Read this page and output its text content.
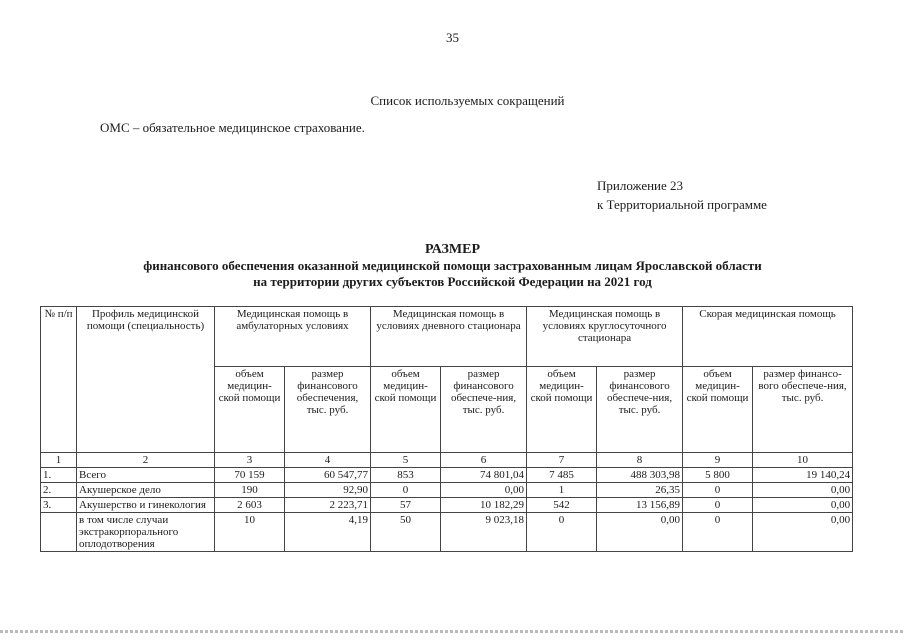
35
Список используемых сокращений
ОМС – обязательное медицинское страхование.
Приложение 23
к Территориальной программе
РАЗМЕР
финансового обеспечения оказанной медицинской помощи застрахованным лицам Ярославской области
на территории других субъектов Российской Федерации на 2021 год
№ п/п	Профиль медицинской помощи (специальность)	Медицинская помощь в амбулаторных условиях		Медицинская помощь в условиях дневного стационара		Медицинская помощь в условиях круглосуточного стационара		Скорая медицинская помощь	
		объем медицин-ской помощи	размер финансового обеспечения, тыс. руб.	объем медицин-ской помощи	размер финансового обеспече-ния, тыс. руб.	объем медицин-ской помощи	размер финансового обеспече-ния, тыс. руб.	объем медицин-ской помощи	размер финансо-вого обеспече-ния, тыс. руб.
1	2	3	4	5	6	7	8	9	10
1.	Всего	70 159	60 547,77	853	74 801,04	7 485	488 303,98	5 800	19 140,24
2.	Акушерское дело	190	92,90	0	0,00	1	26,35	0	0,00
3.	Акушерство и гинекология	2 603	2 223,71	57	10 182,29	542	13 156,89	0	0,00
	в том числе случаи экстракорпорального оплодотворения	10	4,19	50	9 023,18	0	0,00	0	0,00
